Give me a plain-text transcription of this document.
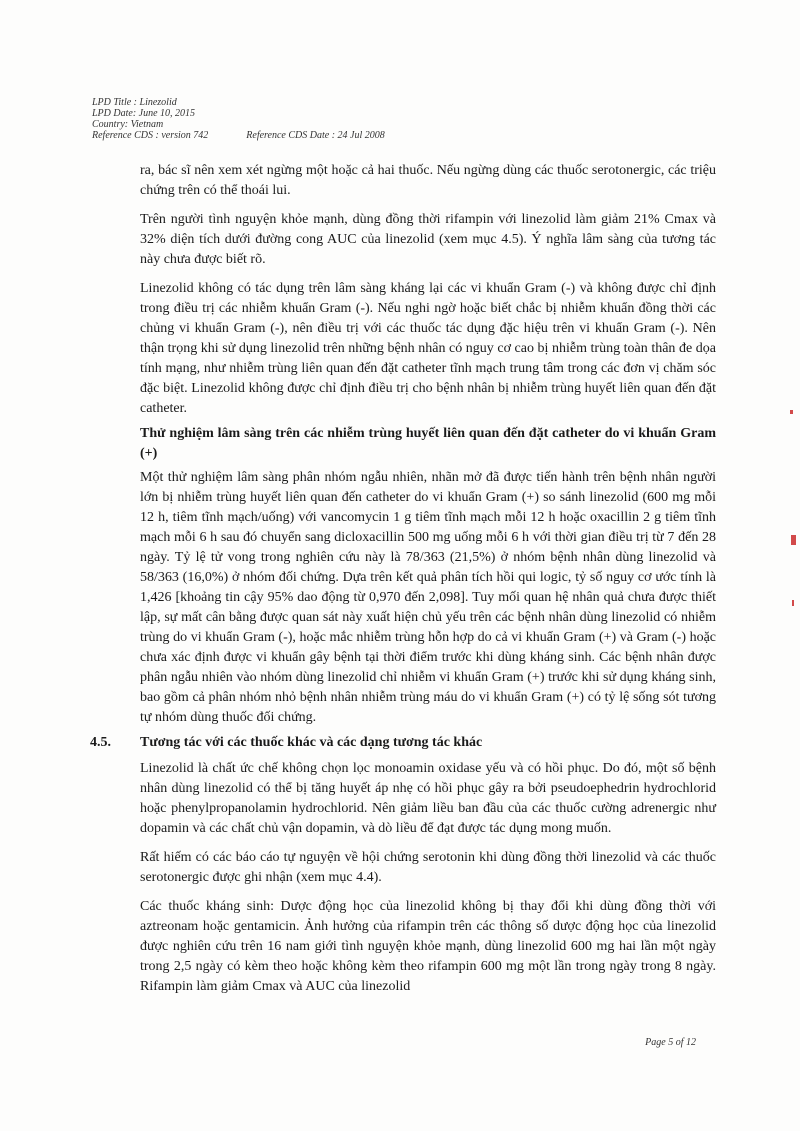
LPD Title : Linezolid
LPD Date: June 10, 2015
Country: Vietnam
Reference CDS : version 742	Reference CDS Date : 24 Jul 2008

ra, bác sĩ nên xem xét ngừng một hoặc cả hai thuốc. Nếu ngừng dùng các thuốc serotonergic, các triệu chứng trên có thể thoái lui.

Trên người tình nguyện khỏe mạnh, dùng đồng thời rifampin với linezolid làm giảm 21% Cmax và 32% diện tích dưới đường cong AUC của linezolid (xem mục 4.5). Ý nghĩa lâm sàng của tương tác này chưa được biết rõ.

Linezolid không có tác dụng trên lâm sàng kháng lại các vi khuẩn Gram (-) và không được chỉ định trong điều trị các nhiễm khuẩn Gram (-). Nếu nghi ngờ hoặc biết chắc bị nhiễm khuẩn đồng thời các chủng vi khuẩn Gram (-), nên điều trị với các thuốc tác dụng đặc hiệu trên vi khuẩn Gram (-). Nên thận trọng khi sử dụng linezolid trên những bệnh nhân có nguy cơ cao bị nhiễm trùng toàn thân đe dọa tính mạng, như nhiễm trùng liên quan đến đặt catheter tĩnh mạch trung tâm trong các đơn vị chăm sóc đặc biệt. Linezolid không được chỉ định điều trị cho bệnh nhân bị nhiễm trùng huyết liên quan đến đặt catheter.

Thử nghiệm lâm sàng trên các nhiễm trùng huyết liên quan đến đặt catheter do vi khuẩn Gram (+)

Một thử nghiệm lâm sàng phân nhóm ngẫu nhiên, nhãn mở đã được tiến hành trên bệnh nhân người lớn bị nhiễm trùng huyết liên quan đến catheter do vi khuẩn Gram (+) so sánh linezolid (600 mg mỗi 12 h, tiêm tĩnh mạch/uống) với vancomycin 1 g tiêm tĩnh mạch mỗi 12 h hoặc oxacillin 2 g tiêm tĩnh mạch mỗi 6 h sau đó chuyển sang dicloxacillin 500 mg uống mỗi 6 h với thời gian điều trị từ 7 đến 28 ngày. Tỷ lệ tử vong trong nghiên cứu này là 78/363 (21,5%) ở nhóm bệnh nhân dùng linezolid và 58/363 (16,0%) ở nhóm đối chứng. Dựa trên kết quả phân tích hồi qui logic, tỷ số nguy cơ ước tính là 1,426 [khoảng tin cậy 95% dao động từ 0,970 đến 2,098]. Tuy mối quan hệ nhân quả chưa được thiết lập, sự mất cân bằng được quan sát này xuất hiện chủ yếu trên các bệnh nhân dùng linezolid có nhiễm trùng do vi khuẩn Gram (-), hoặc mắc nhiễm trùng hỗn hợp do cả vi khuẩn Gram (+) và Gram (-) hoặc chưa xác định được vi khuẩn gây bệnh tại thời điểm trước khi dùng kháng sinh. Các bệnh nhân được phân ngẫu nhiên vào nhóm dùng linezolid chỉ nhiễm vi khuẩn Gram (+) trước khi sử dụng kháng sinh, bao gồm cả phân nhóm nhỏ bệnh nhân nhiễm trùng máu do vi khuẩn Gram (+) có tỷ lệ sống sót tương tự nhóm dùng thuốc đối chứng.

4.5. Tương tác với các thuốc khác và các dạng tương tác khác

Linezolid là chất ức chế không chọn lọc monoamin oxidase yếu và có hồi phục. Do đó, một số bệnh nhân dùng linezolid có thể bị tăng huyết áp nhẹ có hồi phục gây ra bởi pseudoephedrin hydrochlorid hoặc phenylpropanolamin hydrochlorid. Nên giảm liều ban đầu của các thuốc cường adrenergic như dopamin và các chất chủ vận dopamin, và dò liều để đạt được tác dụng mong muốn.

Rất hiếm có các báo cáo tự nguyện về hội chứng serotonin khi dùng đồng thời linezolid và các thuốc serotonergic được ghi nhận (xem mục 4.4).

Các thuốc kháng sinh: Dược động học của linezolid không bị thay đổi khi dùng đồng thời với aztreonam hoặc gentamicin. Ảnh hưởng của rifampin trên các thông số dược động học của linezolid được nghiên cứu trên 16 nam giới tình nguyện khỏe mạnh, dùng linezolid 600 mg hai lần một ngày trong 2,5 ngày có kèm theo hoặc không kèm theo rifampin 600 mg một lần trong ngày trong 8 ngày. Rifampin làm giảm Cmax và AUC của linezolid

Page 5 of 12
